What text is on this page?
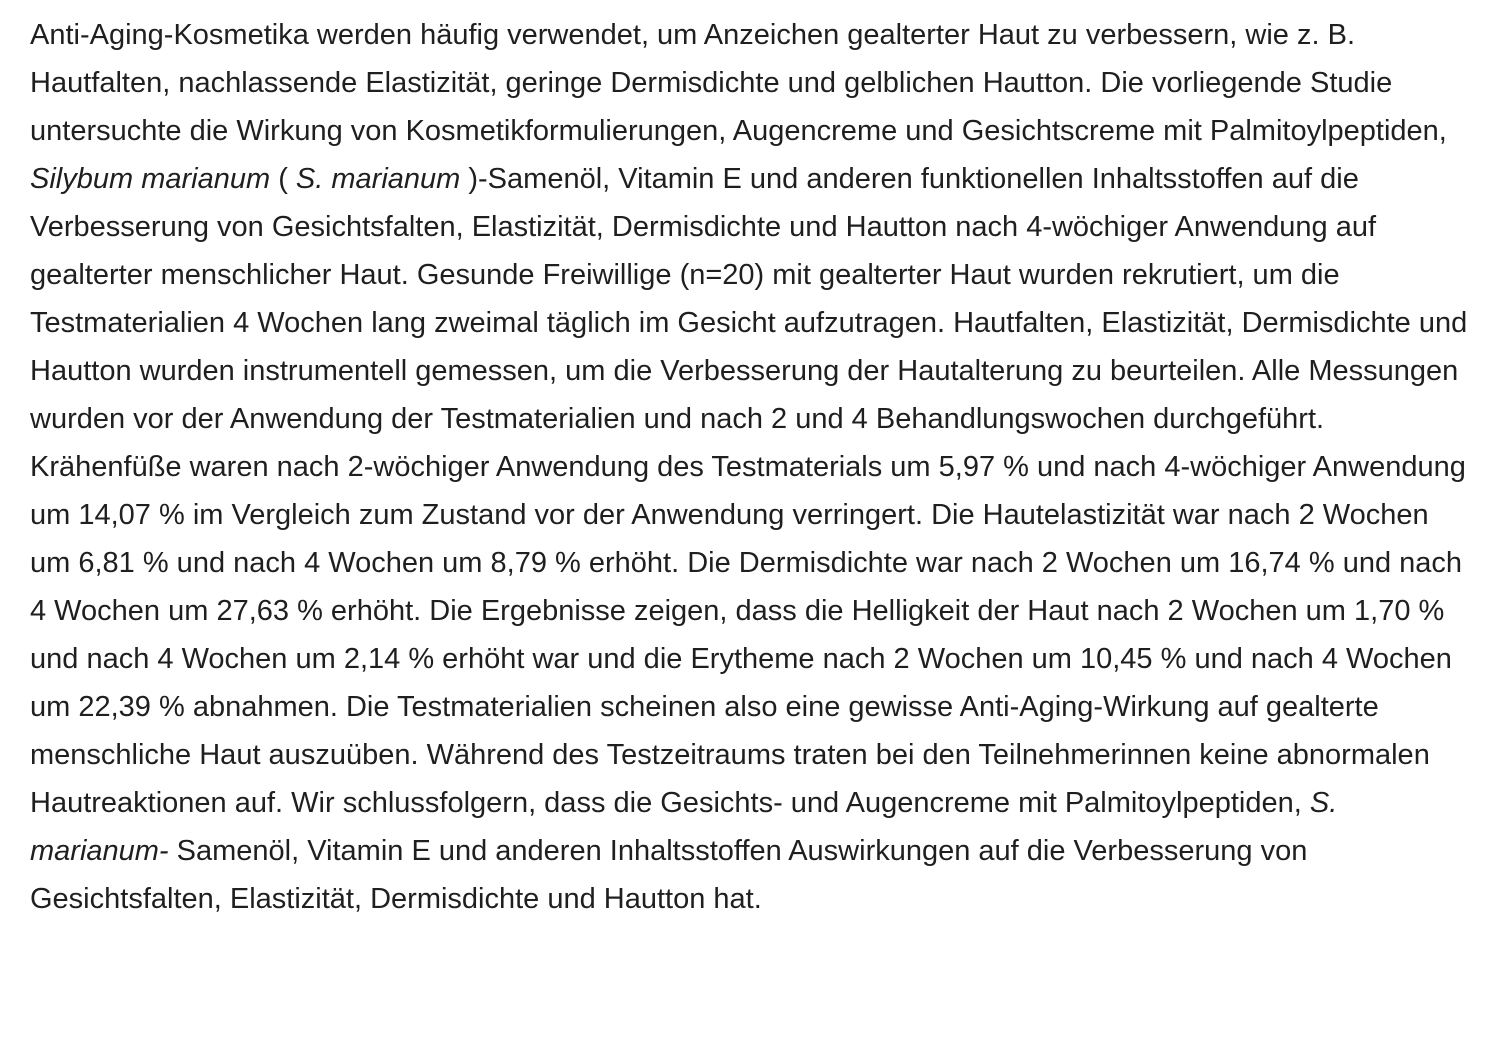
Anti-Aging-Kosmetika werden häufig verwendet, um Anzeichen gealterter Haut zu verbessern, wie z. B. Hautfalten, nachlassende Elastizität, geringe Dermisdichte und gelblichen Hautton. Die vorliegende Studie untersuchte die Wirkung von Kosmetikformulierungen, Augencreme und Gesichtscreme mit Palmitoylpeptiden, Silybum marianum ( S. marianum )-Samenöl, Vitamin E und anderen funktionellen Inhaltsstoffen auf die Verbesserung von Gesichtsfalten, Elastizität, Dermisdichte und Hautton nach 4-wöchiger Anwendung auf gealterter menschlicher Haut. Gesunde Freiwillige (n=20) mit gealterter Haut wurden rekrutiert, um die Testmaterialien 4 Wochen lang zweimal täglich im Gesicht aufzutragen. Hautfalten, Elastizität, Dermisdichte und Hautton wurden instrumentell gemessen, um die Verbesserung der Hautalterung zu beurteilen. Alle Messungen wurden vor der Anwendung der Testmaterialien und nach 2 und 4 Behandlungswochen durchgeführt. Krähenfüße waren nach 2-wöchiger Anwendung des Testmaterials um 5,97 % und nach 4-wöchiger Anwendung um 14,07 % im Vergleich zum Zustand vor der Anwendung verringert. Die Hautelastizität war nach 2 Wochen um 6,81 % und nach 4 Wochen um 8,79 % erhöht. Die Dermisdichte war nach 2 Wochen um 16,74 % und nach 4 Wochen um 27,63 % erhöht. Die Ergebnisse zeigen, dass die Helligkeit der Haut nach 2 Wochen um 1,70 % und nach 4 Wochen um 2,14 % erhöht war und die Erytheme nach 2 Wochen um 10,45 % und nach 4 Wochen um 22,39 % abnahmen. Die Testmaterialien scheinen also eine gewisse Anti-Aging-Wirkung auf gealterte menschliche Haut auszuüben. Während des Testzeitraums traten bei den Teilnehmerinnen keine abnormalen Hautreaktionen auf. Wir schlussfolgern, dass die Gesichts- und Augencreme mit Palmitoylpeptiden, S. marianum- Samenöl, Vitamin E und anderen Inhaltsstoffen Auswirkungen auf die Verbesserung von Gesichtsfalten, Elastizität, Dermisdichte und Hautton hat.
